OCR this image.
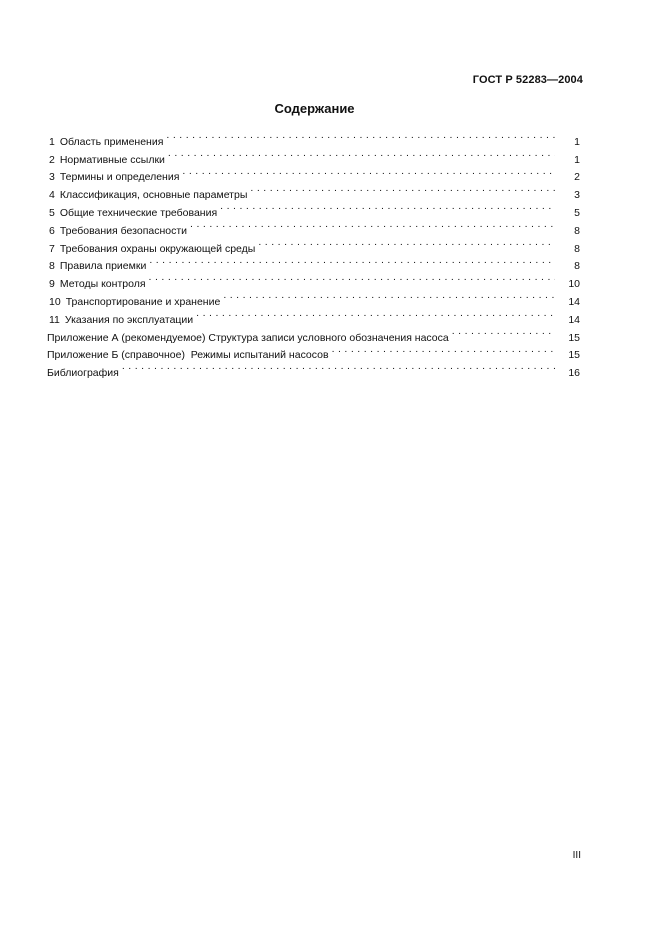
ГОСТ Р 52283—2004
Содержание
1 Область применения . . .	1
2 Нормативные ссылки . . .	1
3 Термины и определения . . .	2
4 Классификация, основные параметры . . .	3
5 Общие технические требования . . .	5
6 Требования безопасности . . .	8
7 Требования охраны окружающей среды . . .	8
8 Правила приемки . . .	8
9 Методы контроля . . .	10
10 Транспортирование и хранение . . .	14
11 Указания по эксплуатации . . .	14
Приложение А (рекомендуемое) Структура записи условного обозначения насоса . . .	15
Приложение Б (справочное)  Режимы испытаний насосов . . .	15
Библиография . . .	16
III
